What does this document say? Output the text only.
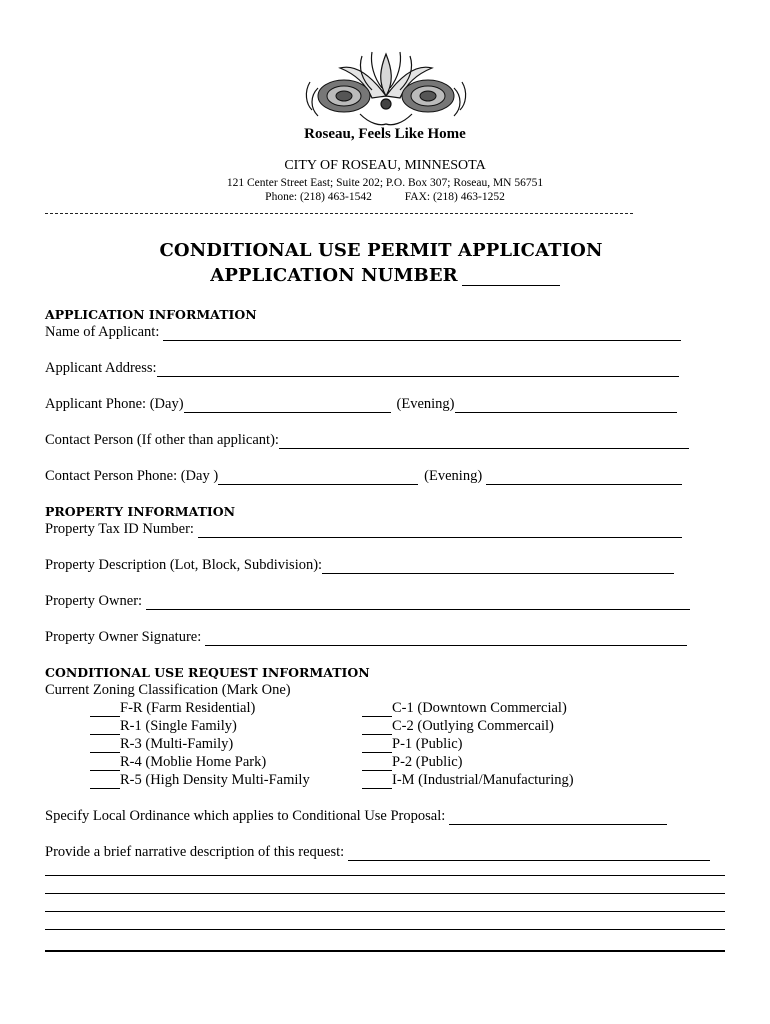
Roseau, Feels Like Home
CITY OF ROSEAU, MINNESOTA
121 Center Street East; Suite 202; P.O. Box 307; Roseau, MN 56751
Phone: (218) 463-1542	FAX: (218) 463-1252
CONDITIONAL USE PERMIT APPLICATION
APPLICATION NUMBER
APPLICATION INFORMATION
Name of Applicant:
Applicant Address:
Applicant Phone: (Day)	(Evening)
Contact Person (If other than applicant):
Contact Person Phone: (Day )	(Evening)
PROPERTY INFORMATION
Property Tax ID Number:
Property Description (Lot, Block, Subdivision):
Property Owner:
Property Owner Signature:
CONDITIONAL USE REQUEST INFORMATION
Current Zoning Classification (Mark One)
F-R (Farm Residential)
R-1 (Single Family)
R-3 (Multi-Family)
R-4 (Moblie Home Park)
R-5 (High Density Multi-Family
C-1 (Downtown Commercial)
C-2 (Outlying Commercail)
P-1 (Public)
P-2 (Public)
I-M (Industrial/Manufacturing)
Specify Local Ordinance which applies to Conditional Use Proposal:
Provide a brief narrative description of this request:
